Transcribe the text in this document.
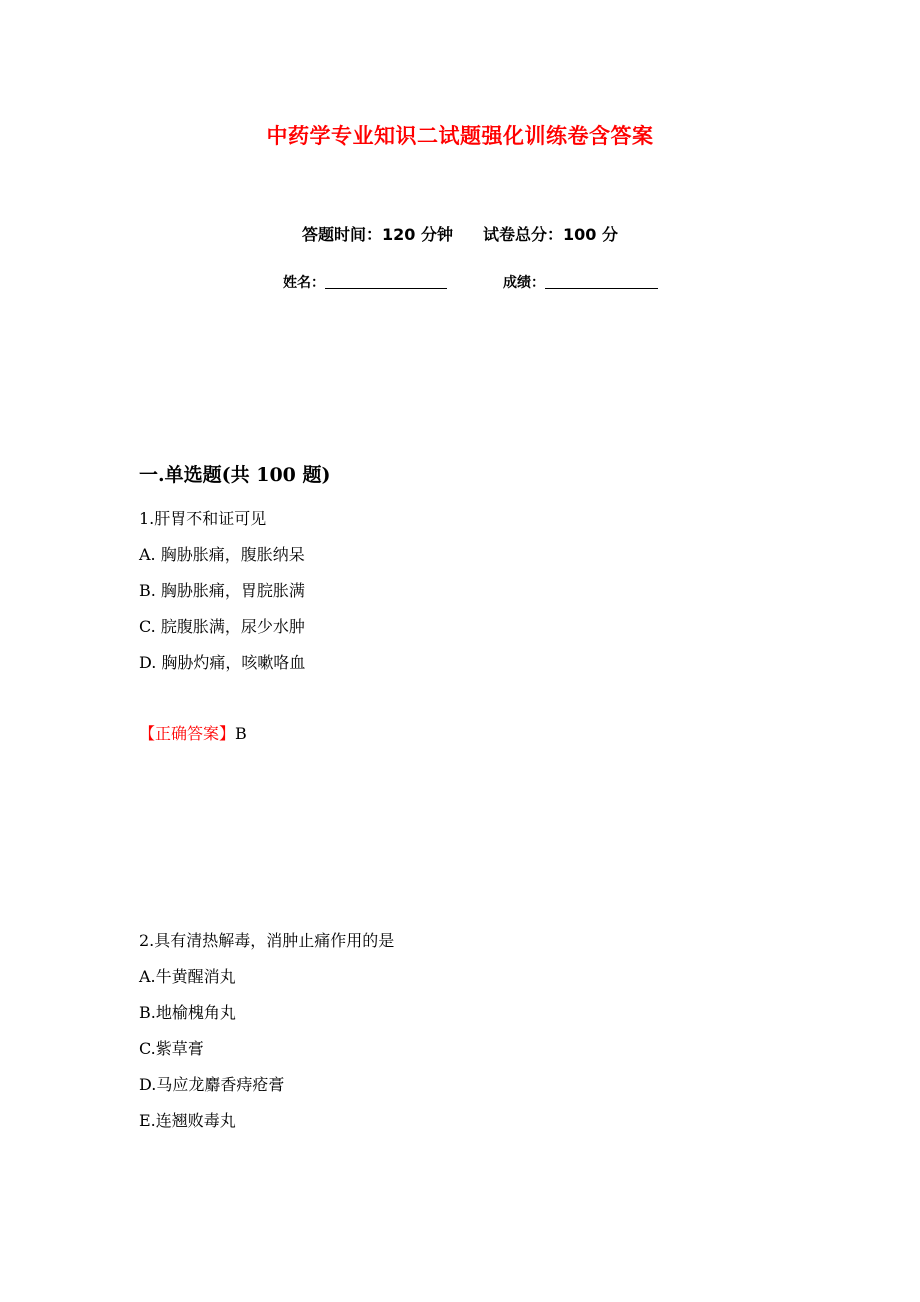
中药学专业知识二试题强化训练卷含答案
答题时间：120 分钟 试卷总分：100 分
姓名：	成绩：
一.单选题(共 100 题)
1.肝胃不和证可见
A. 胸胁胀痛，腹胀纳呆
B. 胸胁胀痛，胃脘胀满
C. 脘腹胀满，尿少水肿
D. 胸胁灼痛，咳嗽咯血
【正确答案】B
2.具有清热解毒，消肿止痛作用的是
A.牛黄醒消丸
B.地榆槐角丸
C.紫草膏
D.马应龙麝香痔疮膏
E.连翘败毒丸
